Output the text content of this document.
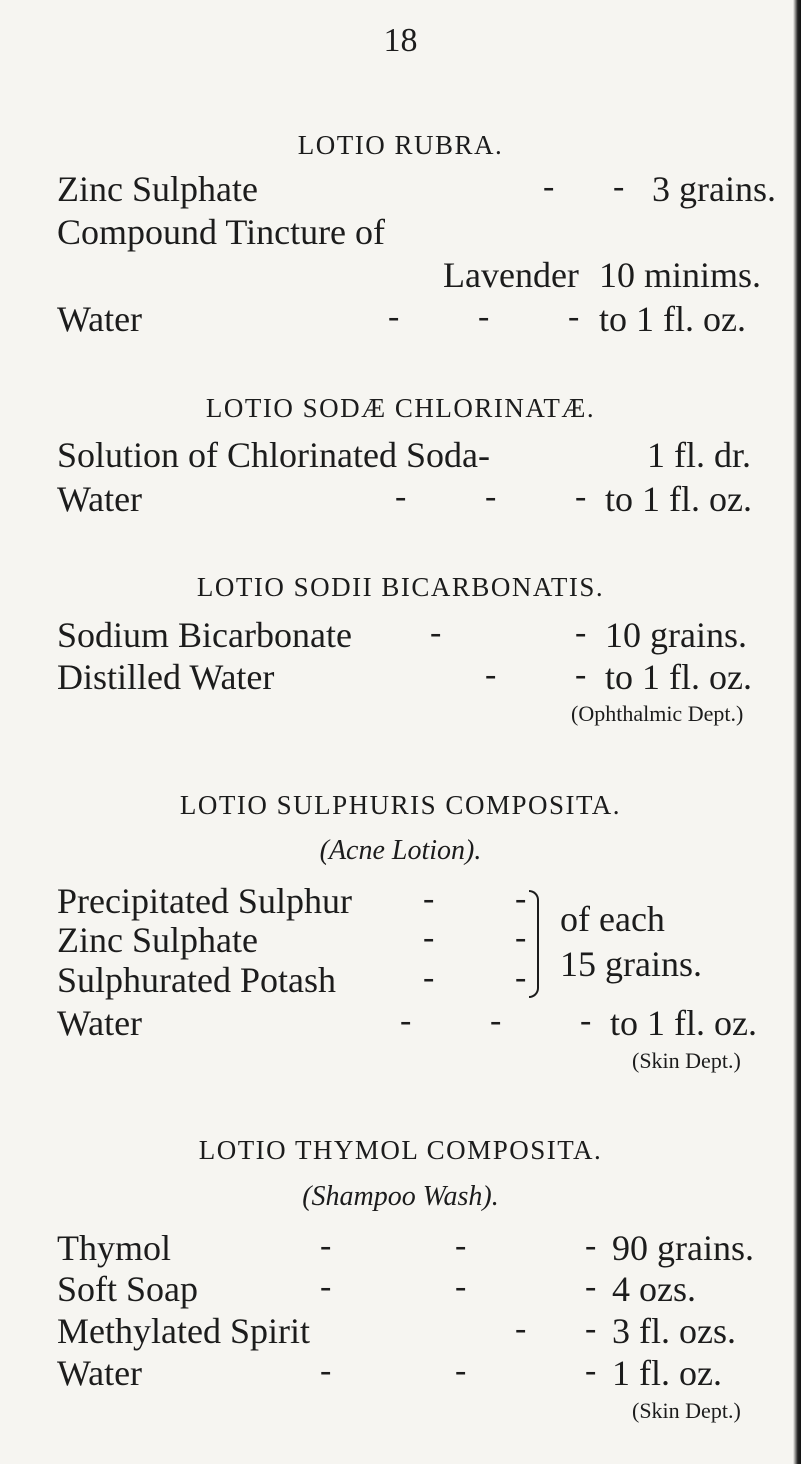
18
LOTIO RUBRA.
Zinc Sulphate	- - 3 grains.
Compound Tincture of
Lavender 10 minims.
Water	- - - to 1 fl. oz.
LOTIO SODÆ CHLORINATÆ.
Solution of Chlorinated Soda-	1 fl. dr.
Water	- - - to 1 fl. oz.
LOTIO SODII BICARBONATIS.
Sodium Bicarbonate -	- 10 grains.
Distilled Water	- - to 1 fl. oz.
(Ophthalmic Dept.)
LOTIO SULPHURIS COMPOSITA.
(Acne Lotion).
Precipitated Sulphur - -
Zinc Sulphate	- -
Sulphurated Potash	- -
of each
15 grains.
Water	- - - to 1 fl. oz.
(Skin Dept.)
LOTIO THYMOL COMPOSITA.
(Shampoo Wash).
Thymol	-	-	- 90 grains.
Soft Soap	-	-	- 4 ozs.
Methylated Spirit	- - 3 fl. ozs.
Water	-	-	- 1 fl. oz.
(Skin Dept.)
